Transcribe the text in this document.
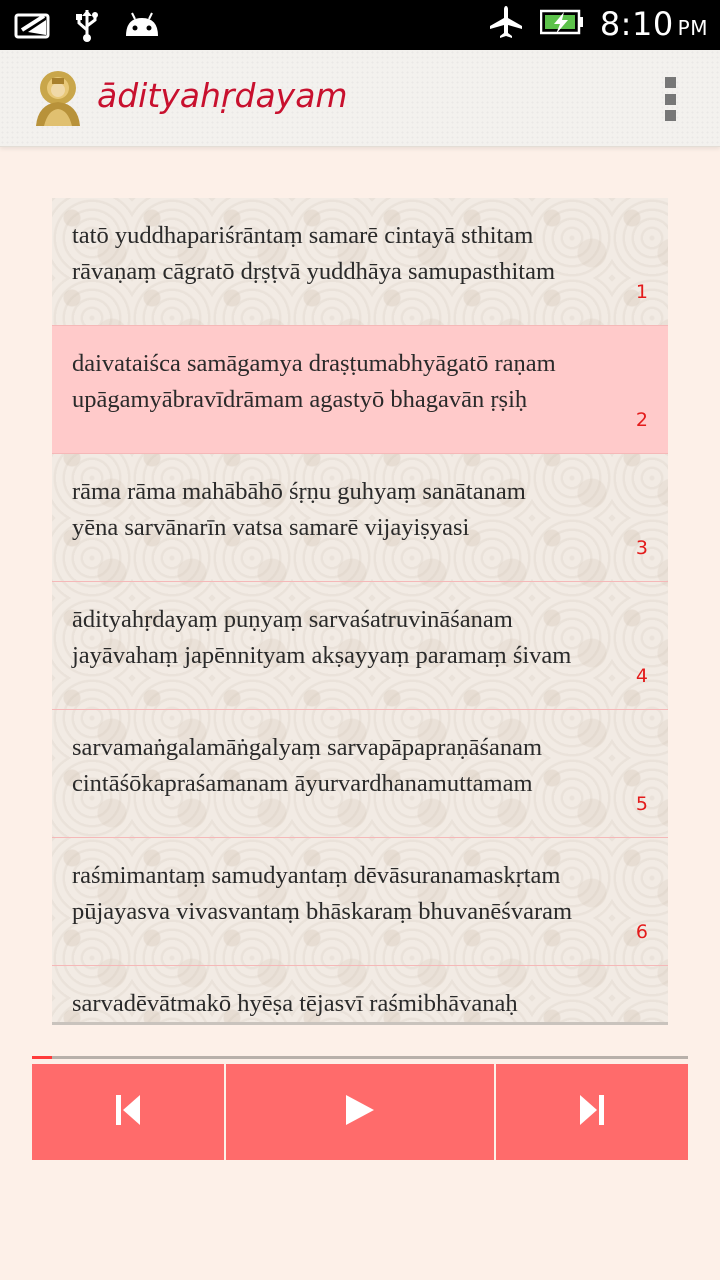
8:10 PM
ādityahṛdayam
tatō yuddhapariśrāntaṃ samarē cintayā sthitam
rāvaṇaṃ cāgratō dṛṣṭvā yuddhāya samupasthitam
1
daivataiśca samāgamya draṣṭumabhyāgatō raṇam
upāgamyābravīdrāmam agastyō bhagavān ṛṣiḥ
2
rāma rāma mahābāhō śṛṇu guhyaṃ sanātanam
yēna sarvānarīn vatsa samarē vijayiṣyasi
3
ādityahṛdayaṃ puṇyaṃ sarvaśatruvināśanam
jayāvahaṃ japēnnityam akṣayyaṃ paramaṃ śivam
4
sarvamaṅgalamāṅgalyaṃ sarvapāpapraṇāśanam
cintāśōkapraśamanam āyurvardhanamuttamam
5
raśmimantaṃ samudyantaṃ dēvāsuranamaskṛtam
pūjayasva vivasvantaṃ bhāskaraṃ bhuvanēśvaram
6
sarvadēvātmakō hyēṣa tējasvī raśmibhāvanaḥ
